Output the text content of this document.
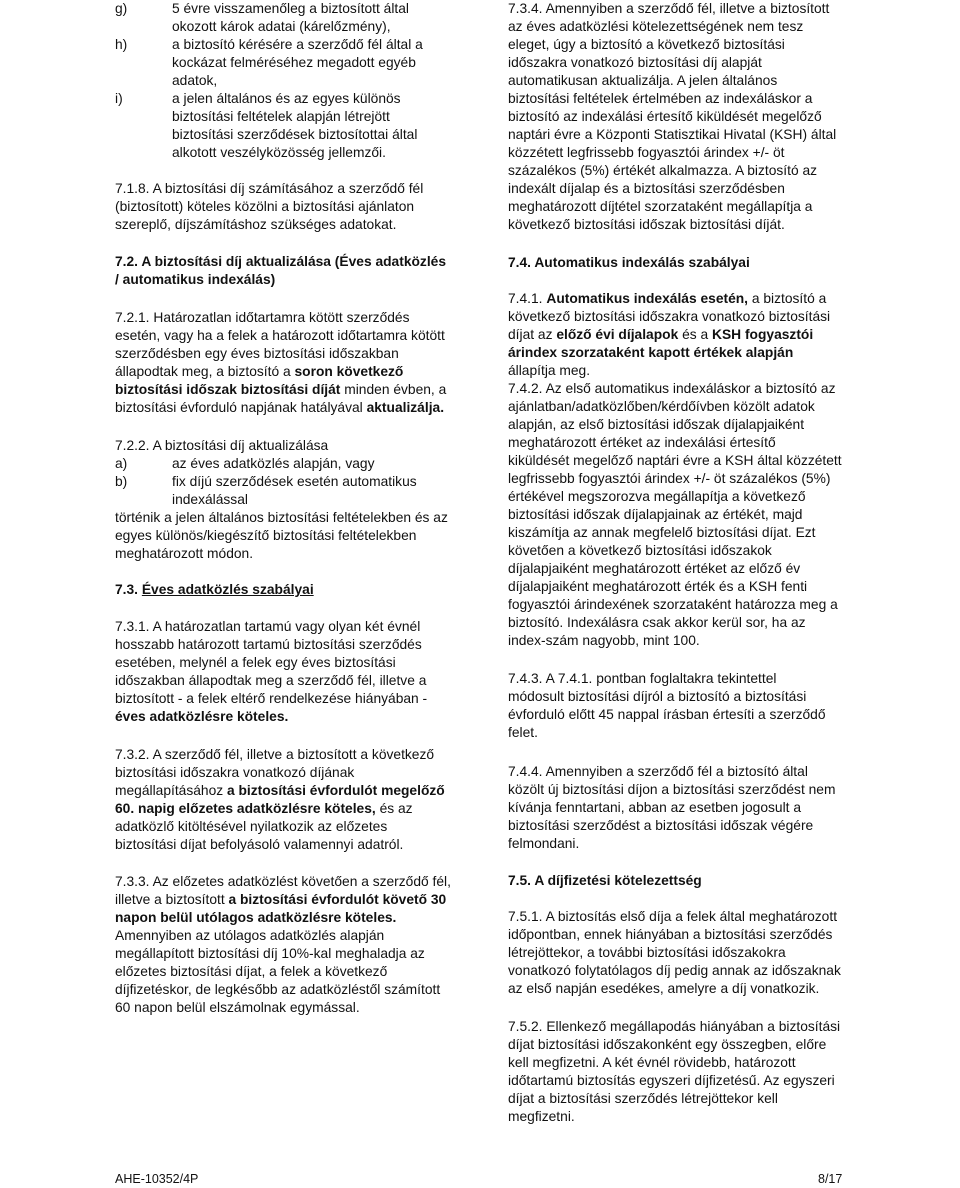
g)	5 évre visszamenőleg a biztosított által
okozott károk adatai (kárelőzmény),
h)	a biztosító kérésére a szerződő fél által a
kockázat felméréséhez megadott egyéb
adatok,
i)	a jelen általános és az egyes különös
biztosítási feltételek alapján létrejött
biztosítási szerződések biztosítottai által
alkotott veszélyközösség jellemzői.
7.1.8. A biztosítási díj számításához a szerződő fél
(biztosított) köteles közölni a biztosítási ajánlaton
szereplő, díjszámításhoz szükséges adatokat.
7.2. A biztosítási díj aktualizálása (Éves adatközlés
/ automatikus indexálás)
7.2.1. Határozatlan időtartamra kötött szerződés
esetén, vagy ha a felek a határozott időtartamra kötött
szerződésben egy éves biztosítási időszakban
állapodtak meg, a biztosító a soron következő
biztosítási időszak biztosítási díját minden évben, a
biztosítási évforduló napjának hatályával aktualizálja.
7.2.2. A biztosítási díj aktualizálása
a)	az éves adatközlés alapján, vagy
b)	fix díjú szerződések esetén automatikus
indexálással
történik a jelen általános biztosítási feltételekben és az
egyes különös/kiegészítő biztosítási feltételekben
meghatározott módon.
7.3. Éves adatközlés szabályai
7.3.1. A határozatlan tartamú vagy olyan két évnél
hosszabb határozott tartamú biztosítási szerződés
esetében, melynél a felek egy éves biztosítási
időszakban állapodtak meg a szerződő fél, illetve a
biztosított - a felek eltérő rendelkezése hiányában -
éves adatközlésre köteles.
7.3.2. A szerződő fél, illetve a biztosított a következő
biztosítási időszakra vonatkozó díjának
megállapításához a biztosítási évfordulót megelőző
60. napig előzetes adatközlésre köteles, és az
adatközlő kitöltésével nyilatkozik az előzetes
biztosítási díjat befolyásoló valamennyi adatról.
7.3.3. Az előzetes adatközlést követően a szerződő fél,
illetve a biztosított a biztosítási évfordulót követő 30
napon belül utólagos adatközlésre köteles.
Amennyiben az utólagos adatközlés alapján
megállapított biztosítási díj 10%-kal meghaladja az
előzetes biztosítási díjat, a felek a következő
díjfizetéskor, de legkésőbb az adatközléstől számított
60 napon belül elszámolnak egymással.
7.3.4. Amennyiben a szerződő fél, illetve a biztosított
az éves adatközlési kötelezettségének nem tesz
eleget, úgy a biztosító a következő biztosítási
időszakra vonatkozó biztosítási díj alapját
automatikusan aktualizálja. A jelen általános
biztosítási feltételek értelmében az indexáláskor a
biztosító az indexálási értesítő kiküldését megelőző
naptári évre a Központi Statisztikai Hivatal (KSH) által
közzétett legfrissebb fogyasztói árindex +/- öt
százalékos (5%) értékét alkalmazza. A biztosító az
indexált díjalap és a biztosítási szerződésben
meghatározott díjtétel szorzataként megállapítja a
következő biztosítási időszak biztosítási díját.
7.4. Automatikus indexálás szabályai
7.4.1. Automatikus indexálás esetén, a biztosító a
következő biztosítási időszakra vonatkozó biztosítási
díjat az előző évi díjalapok és a KSH fogyasztói
árindex szorzataként kapott értékek alapján
állapítja meg.
7.4.2. Az első automatikus indexáláskor a biztosító az
ajánlatban/adatközlőben/kérdőívben közölt adatok
alapján, az első biztosítási időszak díjalapjaiként
meghatározott értéket az indexálási értesítő
kiküldését megelőző naptári évre a KSH által közzétett
legfrissebb fogyasztói árindex +/- öt százalékos (5%)
értékével megszorozva megállapítja a következő
biztosítási időszak díjalapjainak az értékét, majd
kiszámítja az annak megfelelő biztosítási díjat. Ezt
követően a következő biztosítási időszakok
díjalapjaiként meghatározott értéket az előző év
díjalapjaiként meghatározott érték és a KSH fenti
fogyasztói árindexének szorzataként határozza meg a
biztosító. Indexálásra csak akkor kerül sor, ha az
index-szám nagyobb, mint 100.
7.4.3. A 7.4.1. pontban foglaltakra tekintettel
módosult biztosítási díjról a biztosító a biztosítási
évforduló előtt 45 nappal írásban értesíti a szerződő
felet.
7.4.4. Amennyiben a szerződő fél a biztosító által
közölt új biztosítási díjon a biztosítási szerződést nem
kívánja fenntartani, abban az esetben jogosult a
biztosítási szerződést a biztosítási időszak végére
felmondani.
7.5. A díjfizetési kötelezettség
7.5.1. A biztosítás első díja a felek által meghatározott
időpontban, ennek hiányában a biztosítási szerződés
létrejöttekor, a további biztosítási időszakokra
vonatkozó folytatólagos díj pedig annak az időszaknak
az első napján esedékes, amelyre a díj vonatkozik.
7.5.2. Ellenkező megállapodás hiányában a biztosítási
díjat biztosítási időszakonként egy összegben, előre
kell megfizetni. A két évnél rövidebb, határozott
időtartamú biztosítás egyszeri díjfizetésű. Az egyszeri
díjat a biztosítási szerződés létrejöttekor kell
megfizetni.
AHE-10352/4P	8/17
